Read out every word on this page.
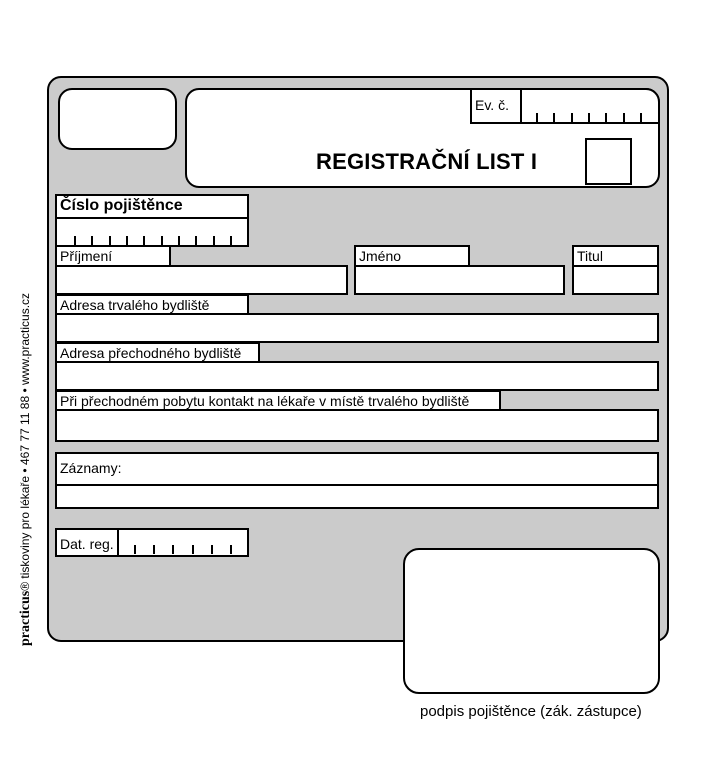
practicus® tiskoviny pro lékaře • 467 77 11 88 • www.practicus.cz
Ev. č.
REGISTRAČNÍ LIST I
Číslo pojištěnce
Příjmení	Jméno	Titul
Adresa trvalého bydliště
Adresa přechodného bydliště
Při přechodném pobytu kontakt na lékaře v místě trvalého bydliště
Záznamy:
Dat. reg.
podpis pojištěnce (zák. zástupce)
